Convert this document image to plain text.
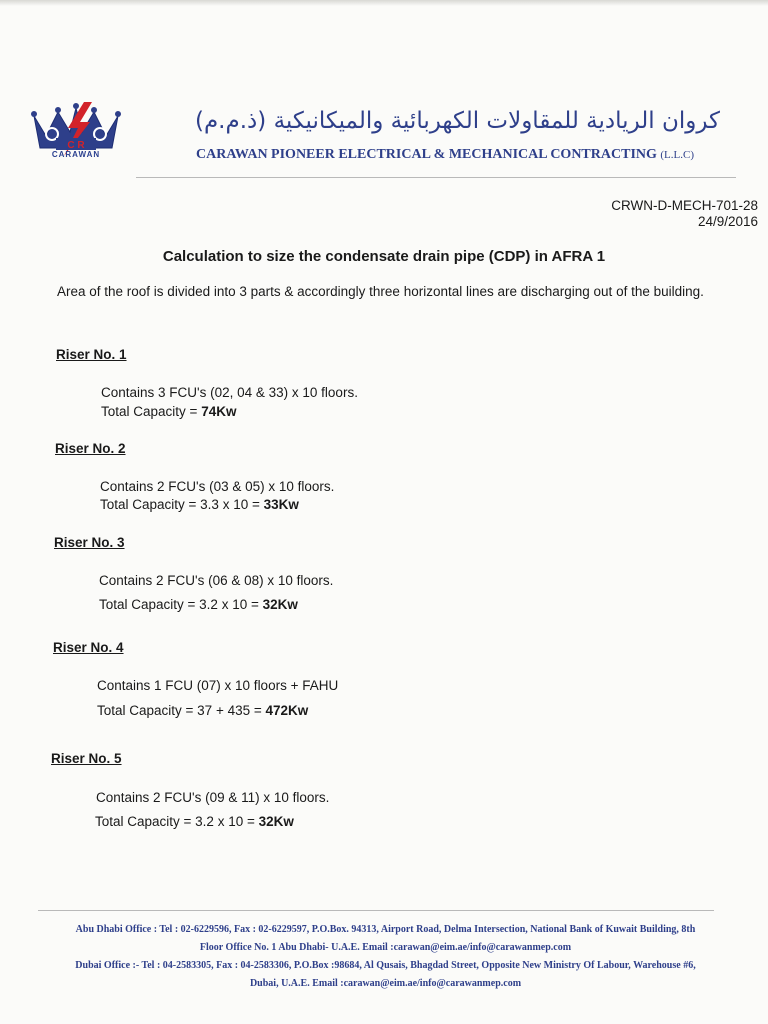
C R
CARAWAN
كروان الريادية للمقاولات الكهربائية والميكانيكية (ذ.م.م)
CARAWAN PIONEER ELECTRICAL & MECHANICAL CONTRACTING (L.L.C)
CRWN-D-MECH-701-28
24/9/2016
Calculation to size the condensate drain pipe (CDP) in AFRA 1
Area of the roof is divided into 3 parts & accordingly three horizontal lines are discharging out of the building.
Riser No. 1
Contains 3 FCU's (02, 04 & 33) x 10 floors.
Total Capacity = 74Kw
Riser No. 2
Contains 2 FCU's (03 & 05) x 10 floors.
Total Capacity = 3.3 x 10 = 33Kw
Riser No. 3
Contains 2 FCU's (06 & 08) x 10 floors.
Total Capacity = 3.2 x 10 = 32Kw
Riser No. 4
Contains 1 FCU (07) x 10 floors + FAHU
Total Capacity = 37 + 435 = 472Kw
Riser No. 5
Contains 2 FCU's (09 & 11) x 10 floors.
Total Capacity = 3.2 x 10 = 32Kw
Abu Dhabi Office : Tel : 02-6229596, Fax : 02-6229597, P.O.Box. 94313, Airport Road, Delma Intersection, National Bank of Kuwait Building, 8th
Floor Office No. 1 Abu Dhabi- U.A.E. Email :carawan@eim.ae/info@carawanmep.com
Dubai Office :- Tel : 04-2583305, Fax : 04-2583306, P.O.Box :98684, Al Qusais, Bhagdad Street, Opposite New Ministry Of Labour, Warehouse #6,
Dubai, U.A.E. Email :carawan@eim.ae/info@carawanmep.com
